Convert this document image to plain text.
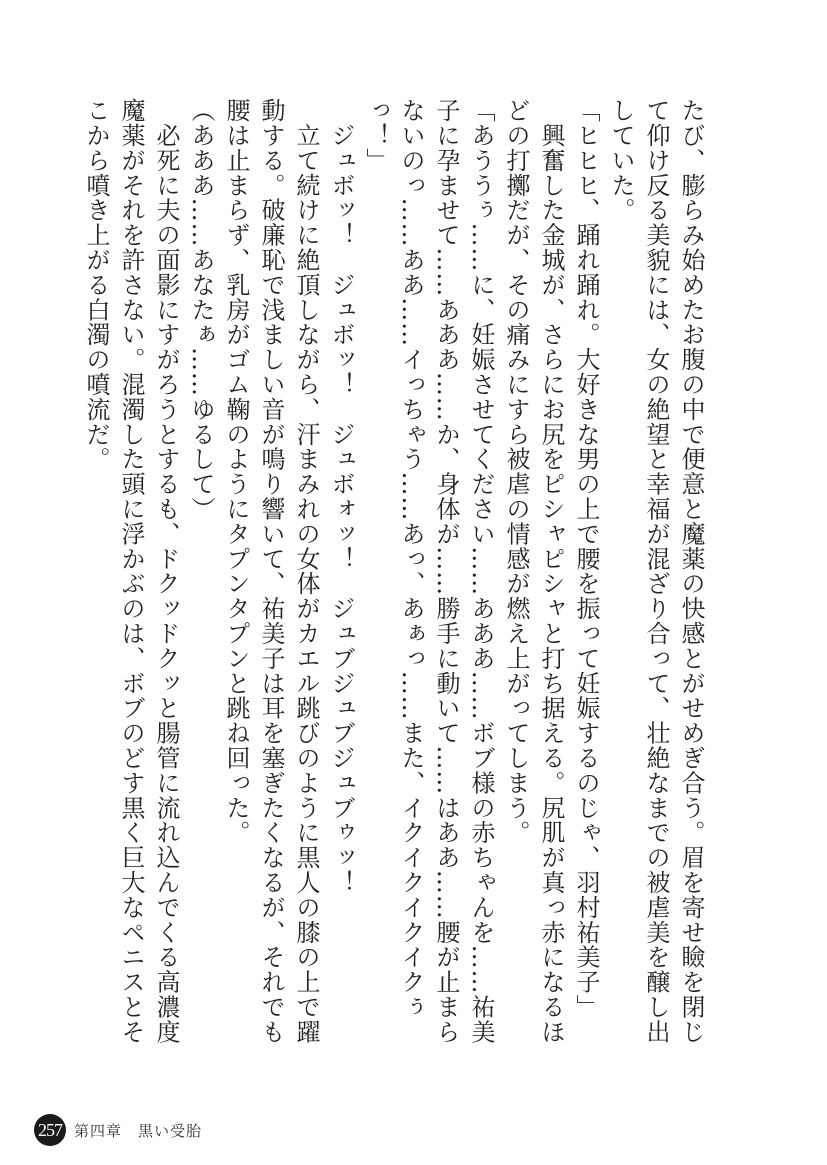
たび、膨らみ始めたお腹の中で便意と魔薬の快感とがせめぎ合う。眉を寄せ瞼を閉じ
て仰け反る美貌には、女の絶望と幸福が混ざり合って、壮絶なまでの被虐美を醸し出
していた。
「ヒヒヒ、踊れ踊れ。大好きな男の上で腰を振って妊娠するのじゃ、羽村祐美子」
　興奮した金城が、さらにお尻をピシャピシャと打ち据える。尻肌が真っ赤になるほ
どの打擲だが、その痛みにすら被虐の情感が燃え上がってしまう。
「あううぅ……に、妊娠させてください……あああ……ボブ様の赤ちゃんを……祐美
子に孕ませて……あああ……か、身体が……勝手に動いて……はああ……腰が止まら
ないのっ……ああ……イっちゃう……あっ、あぁっ……また、イクイクイクイクぅ
っ！」
　ジュボッ！　ジュボッ！　ジュボォッ！　ジュブジュブジュブゥッ！
　立て続けに絶頂しながら、汗まみれの女体がカエル跳びのように黒人の膝の上で躍
動する。破廉恥で浅ましい音が鳴り響いて、祐美子は耳を塞ぎたくなるが、それでも
腰は止まらず、乳房がゴム鞠のようにタプンタプンと跳ね回った。
（あああ……あなたぁ……ゆるして）
　必死に夫の面影にすがろうとするも、ドクッドクッと腸管に流れ込んでくる高濃度
魔薬がそれを許さない。混濁した頭に浮かぶのは、ボブのどす黒く巨大なペニスとそ
こから噴き上がる白濁の噴流だ。
257 第四章　黒い受胎
